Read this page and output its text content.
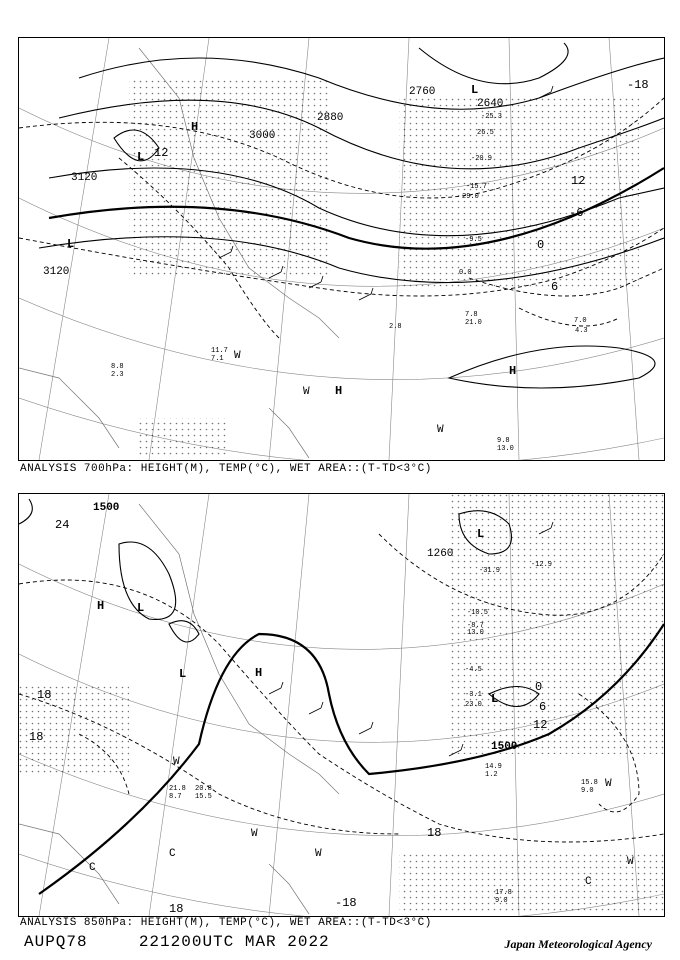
H
L
L
L
H
H
3000
2880
2760
2640
3120
3120
12
-18
12
-6
0
6
-25.3
26.5
-20.9
-15.7
29.0
-9.5
0.0
7.8
21.0
2.8
7.0
4.3
11.7
7.1
9.8
13.0
8.8
2.3
W
W
W
ANALYSIS 700hPa: HEIGHT(M), TEMP(°C), WET AREA::(T-TD<3°C)
H	L
L	H
L
L
1500
1260
1500
24
18
18
0
12
6
18
18	-18
-31.9
-12.9
-10.5
-8.7
13.0
-4.5
-3.1
23.0
14.9
1.2
15.8
9.0
17.8
9.0
21.8
8.7
20.8
15.5
W
W
W
W
W
C
C
C
ANALYSIS 850hPa: HEIGHT(M), TEMP(°C), WET AREA::(T-TD<3°C)
AUPQ78	221200UTC MAR 2022	Japan Meteorological Agency
